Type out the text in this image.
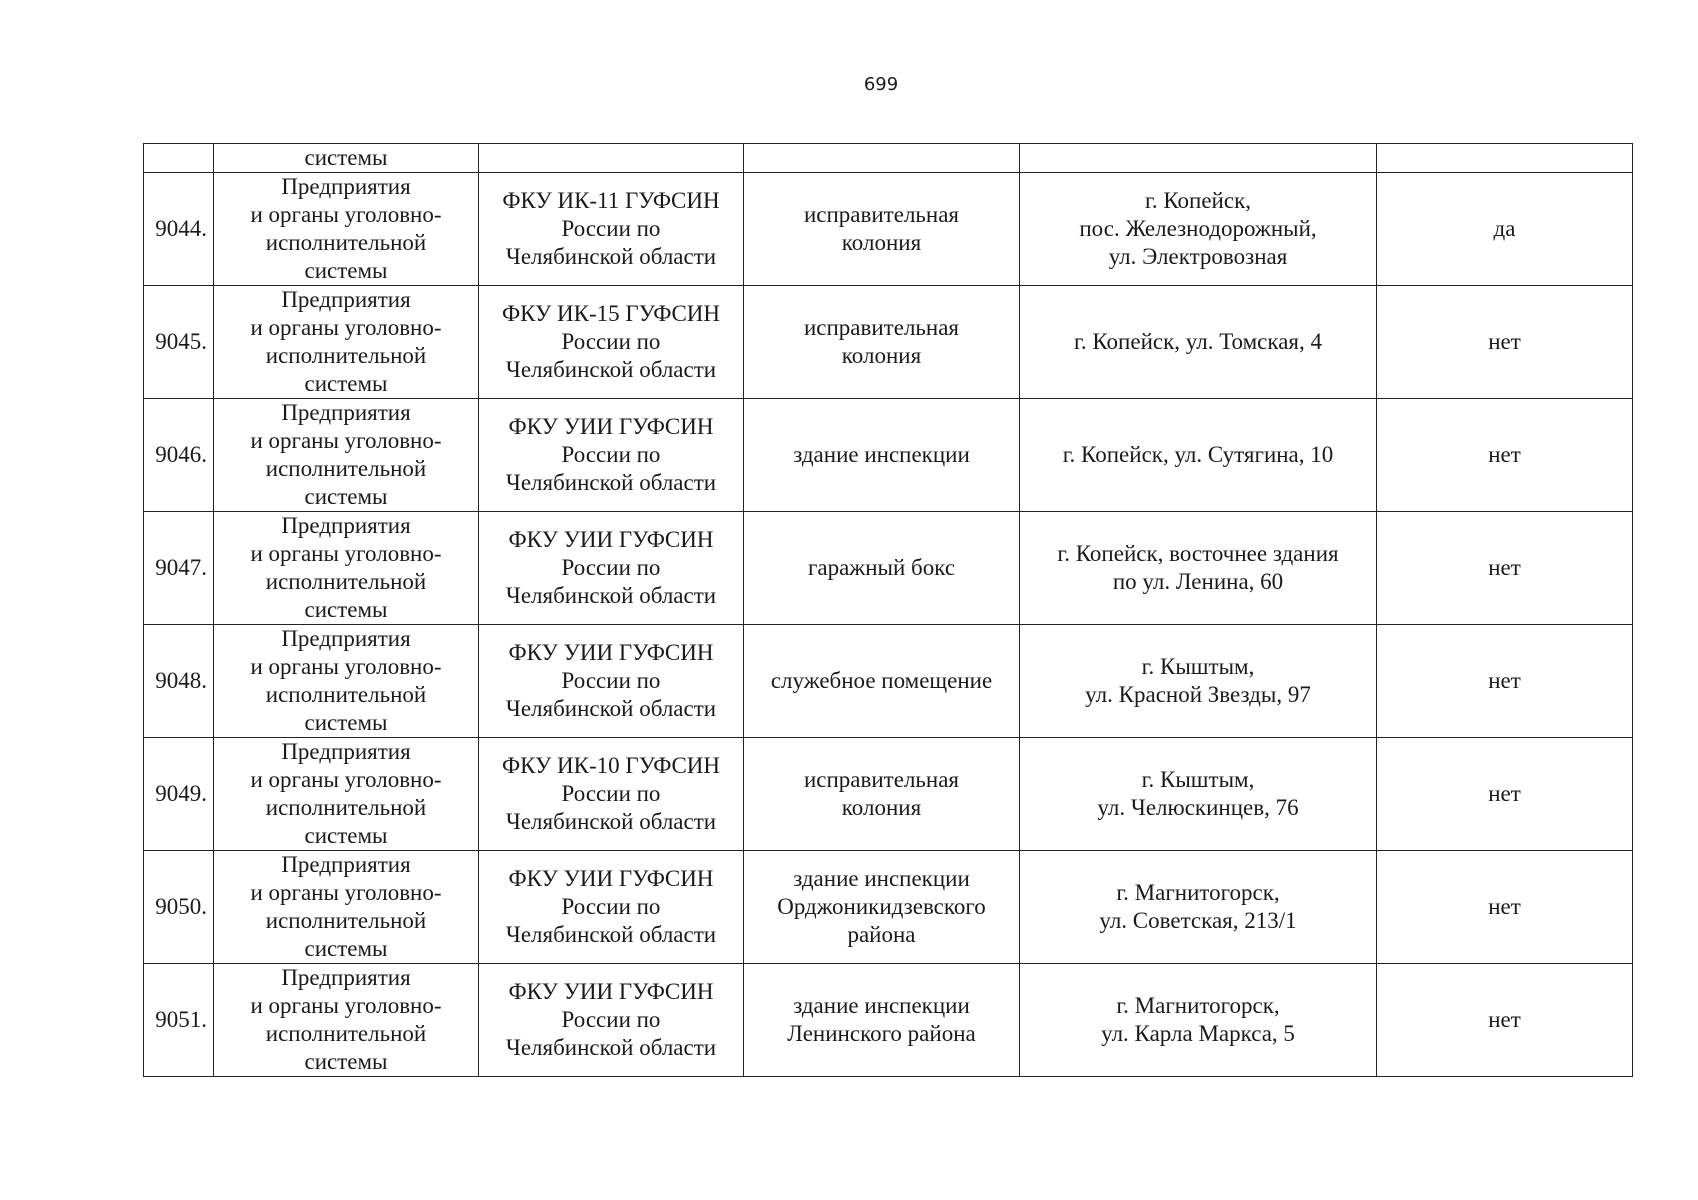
699
	системы				
9044.	Предприятия
и органы уголовно-
исполнительной
системы	ФКУ ИК-11 ГУФСИН
России по
Челябинской области	исправительная
колония	г. Копейск,
пос. Железнодорожный,
ул. Электровозная	да
9045.	Предприятия
и органы уголовно-
исполнительной
системы	ФКУ ИК-15 ГУФСИН
России по
Челябинской области	исправительная
колония	г. Копейск, ул. Томская, 4	нет
9046.	Предприятия
и органы уголовно-
исполнительной
системы	ФКУ УИИ ГУФСИН
России по
Челябинской области	здание инспекции	г. Копейск, ул. Сутягина, 10	нет
9047.	Предприятия
и органы уголовно-
исполнительной
системы	ФКУ УИИ ГУФСИН
России по
Челябинской области	гаражный бокс	г. Копейск, восточнее здания
по ул. Ленина, 60	нет
9048.	Предприятия
и органы уголовно-
исполнительной
системы	ФКУ УИИ ГУФСИН
России по
Челябинской области	служебное помещение	г. Кыштым,
ул. Красной Звезды, 97	нет
9049.	Предприятия
и органы уголовно-
исполнительной
системы	ФКУ ИК-10 ГУФСИН
России по
Челябинской области	исправительная
колония	г. Кыштым,
ул. Челюскинцев, 76	нет
9050.	Предприятия
и органы уголовно-
исполнительной
системы	ФКУ УИИ ГУФСИН
России по
Челябинской области	здание инспекции
Орджоникидзевского
района	г. Магнитогорск,
ул. Советская, 213/1	нет
9051.	Предприятия
и органы уголовно-
исполнительной
системы	ФКУ УИИ ГУФСИН
России по
Челябинской области	здание инспекции
Ленинского района	г. Магнитогорск,
ул. Карла Маркса, 5	нет
